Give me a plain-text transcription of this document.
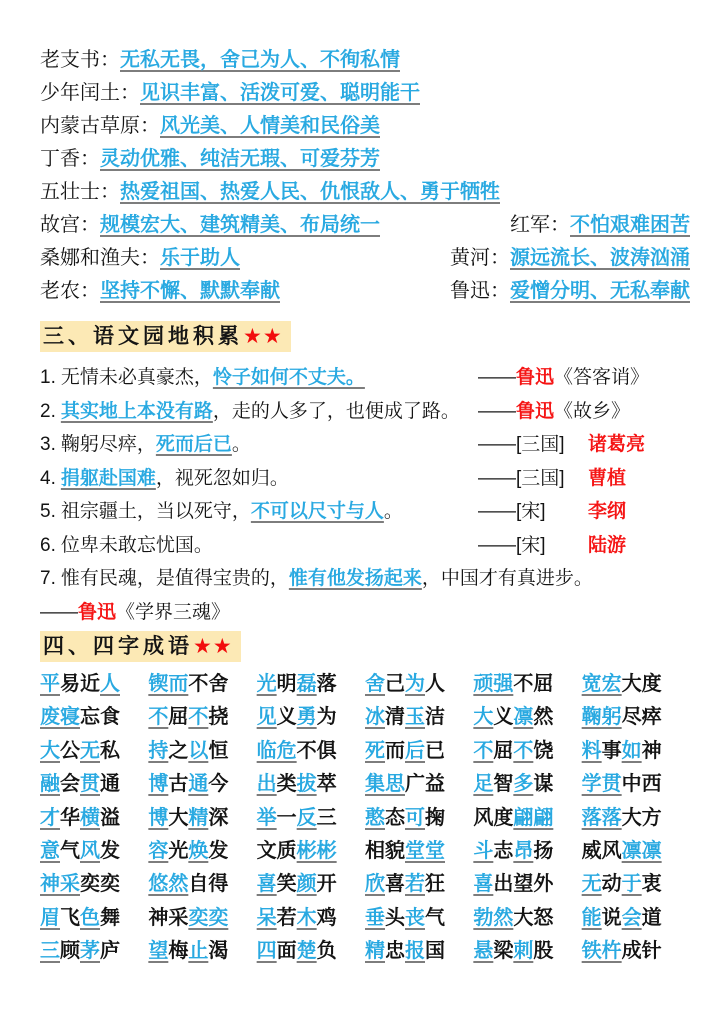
老支书：无私无畏，舍己为人、不徇私情
少年闰土：见识丰富、活泼可爱、聪明能干
内蒙古草原：风光美、人情美和民俗美
丁香：灵动优雅、纯洁无瑕、可爱芬芳
五壮士：热爱祖国、热爱人民、仇恨敌人、勇于牺牲
故宫：规模宏大、建筑精美、布局统一	红军：不怕艰难困苦
桑娜和渔夫：乐于助人	黄河：源远流长、波涛汹涌
老农：坚持不懈、默默奉献	鲁迅：爱憎分明、无私奉献
三、语文园地积累★★
1. 无情未必真豪杰，怜子如何不丈夫。	——鲁迅《答客诮》
2. 其实地上本没有路，走的人多了，也便成了路。 ——鲁迅《故乡》
3. 鞠躬尽瘁，死而后已。	——[三国] 诸葛亮
4. 捐躯赴国难，视死忽如归。	——[三国] 曹植
5. 祖宗疆土，当以死守，不可以尺寸与人。	——[宋] 李纲
6. 位卑未敢忘忧国。	——[宋] 陆游
7. 惟有民魂，是值得宝贵的，惟有他发扬起来，中国才有真进步。
——鲁迅《学界三魂》
四、四字成语★★
平易近人	锲而不舍	光明磊落	舍己为人	顽强不屈	宽宏大度
废寝忘食	不屈不挠	见义勇为	冰清玉洁	大义凛然	鞠躬尽瘁
大公无私	持之以恒	临危不俱	死而后已	不屈不饶	料事如神
融会贯通	博古通今	出类拔萃	集思广益	足智多谋	学贯中西
才华横溢	博大精深	举一反三	憨态可掬	风度翩翩	落落大方
意气风发	容光焕发	文质彬彬	相貌堂堂	斗志昂扬	威风凛凛
神采奕奕	悠然自得	喜笑颜开	欣喜若狂	喜出望外	无动于衷
眉飞色舞	神采奕奕	呆若木鸡	垂头丧气	勃然大怒	能说会道
三顾茅庐	望梅止渴	四面楚负	精忠报国	悬梁刺股	铁杵成针
